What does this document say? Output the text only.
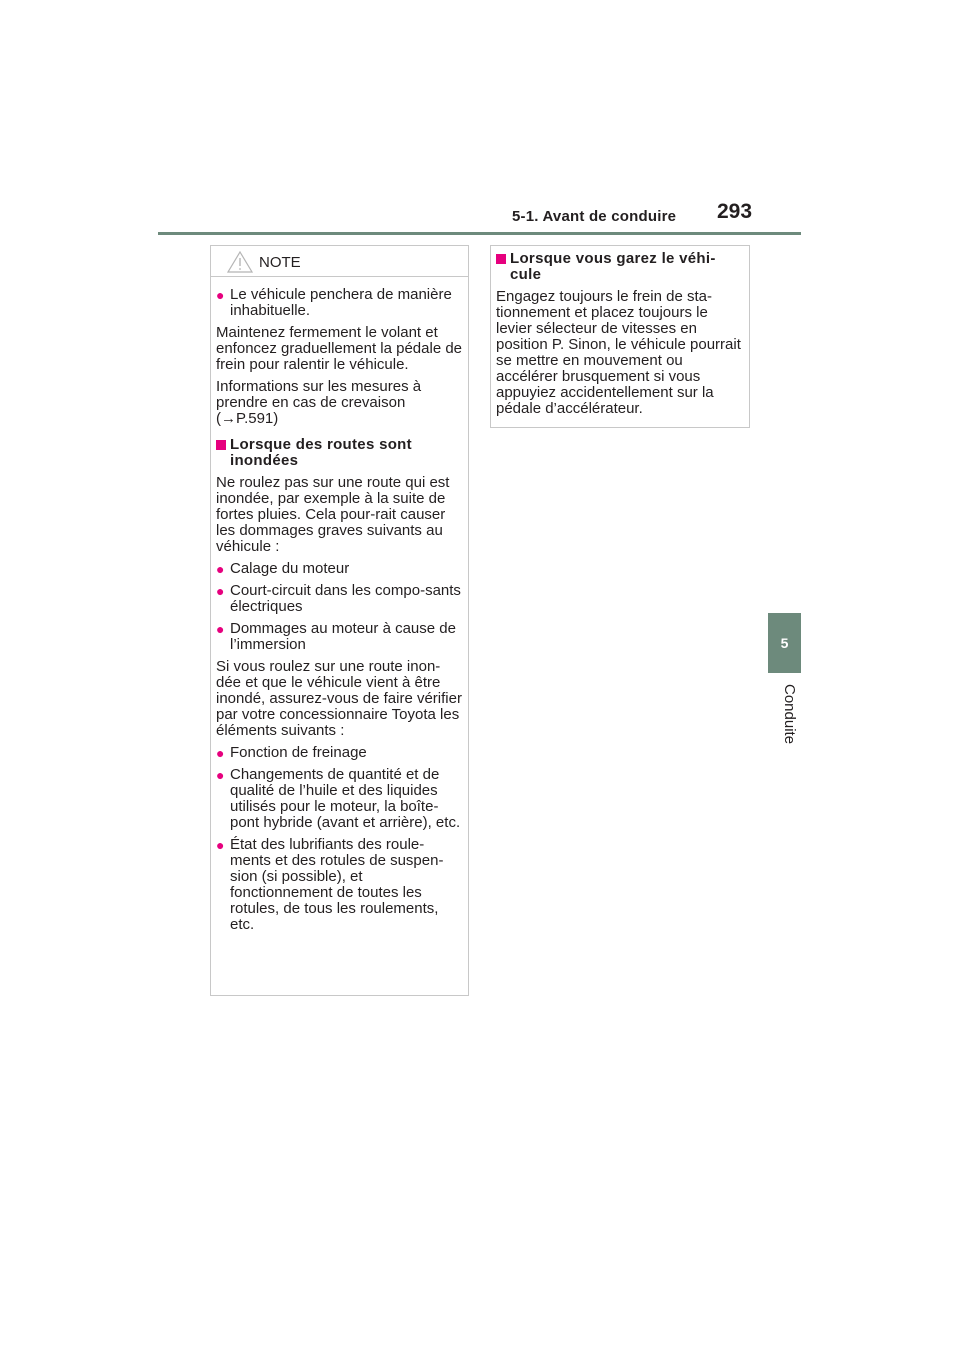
5-1. Avant de conduire 293
5
Conduite
NOTE
● Le véhicule penchera de manière inhabituelle.

Maintenez fermement le volant et enfoncez graduellement la pédale de frein pour ralentir le véhicule.

Informations sur les mesures à prendre en cas de crevaison (→P.591)

Lorsque des routes sont inondées

Ne roulez pas sur une route qui est inondée, par exemple à la suite de fortes pluies. Cela pour-rait causer les dommages graves suivants au véhicule :

● Calage du moteur
● Court-circuit dans les compo-sants électriques
● Dommages au moteur à cause de l’immersion

Si vous roulez sur une route inon-dée et que le véhicule vient à être inondé, assurez-vous de faire vérifier par votre concessionnaire Toyota les éléments suivants :

● Fonction de freinage
● Changements de quantité et de qualité de l’huile et des liquides utilisés pour le moteur, la boîte-pont hybride (avant et arrière), etc.
● État des lubrifiants des roule-ments et des rotules de suspen-sion (si possible), et fonctionnement de toutes les rotules, de tous les roulements, etc.
Lorsque vous garez le véhi-cule

Engagez toujours le frein de sta-tionnement et placez toujours le levier sélecteur de vitesses en position P. Sinon, le véhicule pourrait se mettre en mouvement ou accélérer brusquement si vous appuyiez accidentellement sur la pédale d’accélérateur.
